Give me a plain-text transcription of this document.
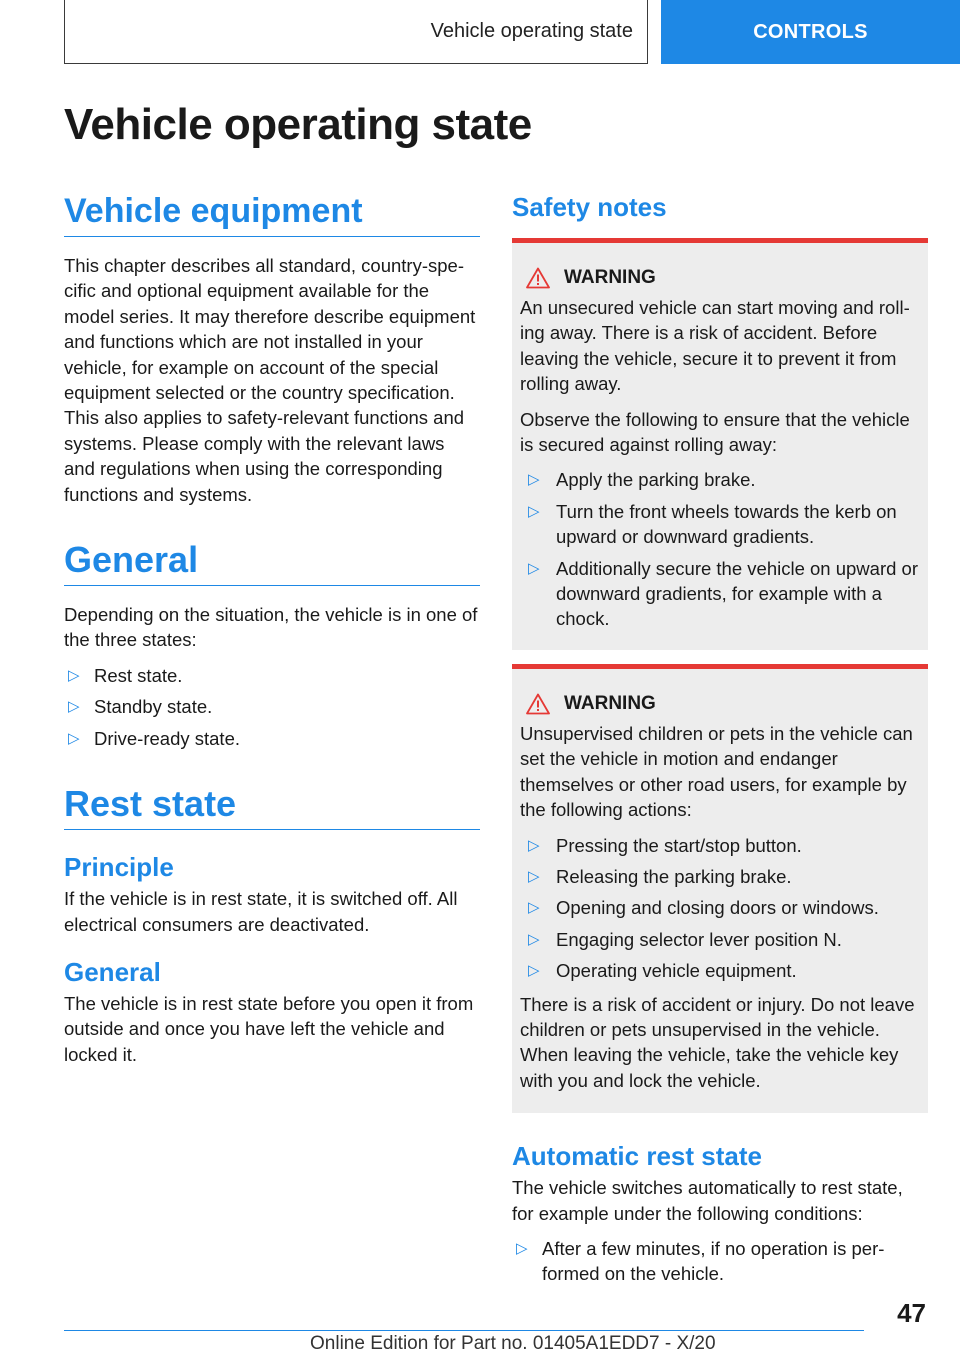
Vehicle operating state	CONTROLS
Vehicle operating state
Vehicle equipment

This chapter describes all standard, country-specific and optional equipment available for the model series. It may therefore describe equipment and functions which are not installed in your vehicle, for example on account of the special equipment selected or the country specification. This also applies to safety-relevant functions and systems. Please comply with the relevant laws and regulations when using the corresponding functions and systems.

General

Depending on the situation, the vehicle is in one of the three states:

▷ Rest state.
▷ Standby state.
▷ Drive-ready state.
Rest state
Principle

If the vehicle is in rest state, it is switched off. All electrical consumers are deactivated.

General

The vehicle is in rest state before you open it from outside and once you have left the vehicle and locked it.

Safety notes
WARNING

An unsecured vehicle can start moving and rolling away. There is a risk of accident. Before leaving the vehicle, secure it to prevent it from rolling away.

Observe the following to ensure that the vehicle is secured against rolling away:

▷ Apply the parking brake.
▷ Turn the front wheels towards the kerb on upward or downward gradients.
▷ Additionally secure the vehicle on upward or downward gradients, for example with a chock.
WARNING

Unsupervised children or pets in the vehicle can set the vehicle in motion and endanger themselves or other road users, for example by the following actions:

▷ Pressing the start/stop button.
▷ Releasing the parking brake.
▷ Opening and closing doors or windows.
▷ Engaging selector lever position N.
▷ Operating vehicle equipment.

There is a risk of accident or injury. Do not leave children or pets unsupervised in the vehicle. When leaving the vehicle, take the vehicle key with you and lock the vehicle.

Automatic rest state

The vehicle switches automatically to rest state, for example under the following conditions:

▷ After a few minutes, if no operation is performed on the vehicle.
47
Online Edition for Part no. 01405A1EDD7 - X/20
